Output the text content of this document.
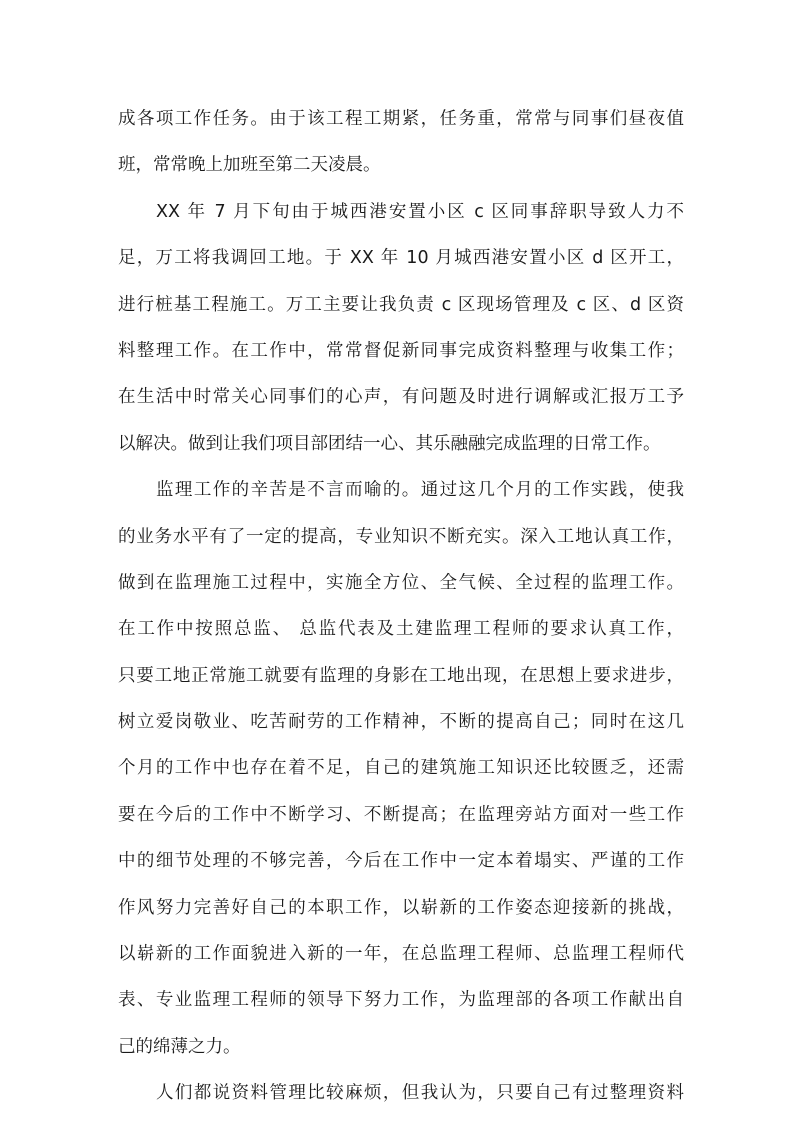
成各项工作任务。由于该工程工期紧，任务重，常常与同事们昼夜值
班，常常晚上加班至第二天凌晨。
XX 年 7 月下旬由于城西港安置小区 c 区同事辞职导致人力不
足，万工将我调回工地。于 XX 年 10 月城西港安置小区 d 区开工，
进行桩基工程施工。万工主要让我负责 c 区现场管理及 c 区、d 区资
料整理工作。在工作中，常常督促新同事完成资料整理与收集工作；
在生活中时常关心同事们的心声，有问题及时进行调解或汇报万工予
以解决。做到让我们项目部团结一心、其乐融融完成监理的日常工作。
监理工作的辛苦是不言而喻的。通过这几个月的工作实践，使我
的业务水平有了一定的提高，专业知识不断充实。深入工地认真工作，
做到在监理施工过程中，实施全方位、全气候、全过程的监理工作。
在工作中按照总监、 总监代表及土建监理工程师的要求认真工作，
只要工地正常施工就要有监理的身影在工地出现，在思想上要求进步，
树立爱岗敬业、吃苦耐劳的工作精神，不断的提高自己；同时在这几
个月的工作中也存在着不足，自己的建筑施工知识还比较匮乏，还需
要在今后的工作中不断学习、不断提高；在监理旁站方面对一些工作
中的细节处理的不够完善，今后在工作中一定本着塌实、严谨的工作
作风努力完善好自己的本职工作，以崭新的工作姿态迎接新的挑战，
以崭新的工作面貌进入新的一年，在总监理工程师、总监理工程师代
表、专业监理工程师的领导下努力工作，为监理部的各项工作献出自
己的绵薄之力。
人们都说资料管理比较麻烦，但我认为，只要自己有过整理资料
